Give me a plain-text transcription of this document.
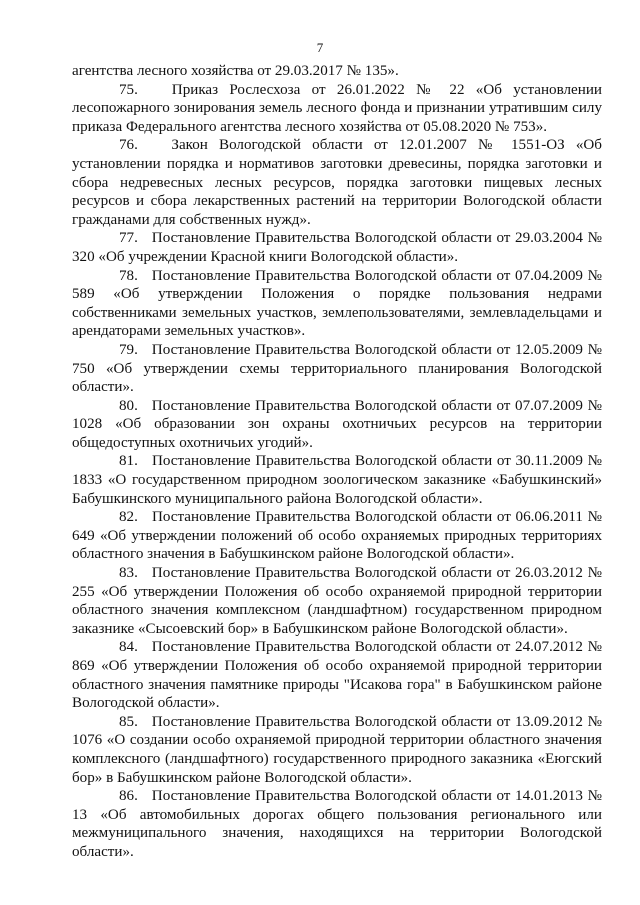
7

агентства лесного хозяйства от 29.03.2017 № 135».

75.   Приказ Рослесхоза от 26.01.2022 № 22 «Об установлении лесопожарного зонирования земель лесного фонда и признании утратившим силу приказа Федерального агентства лесного хозяйства от 05.08.2020 № 753».

76.   Закон Вологодской области от 12.01.2007 № 1551-ОЗ «Об установлении порядка и нормативов заготовки древесины, порядка заготовки и сбора недревесных лесных ресурсов, порядка заготовки пищевых лесных ресурсов и сбора лекарственных растений на территории Вологодской области гражданами для собственных нужд».

77.   Постановление Правительства Вологодской области от 29.03.2004 № 320 «Об учреждении Красной книги Вологодской области».

78.   Постановление Правительства Вологодской области от 07.04.2009 № 589 «Об утверждении Положения о порядке пользования недрами собственниками земельных участков, землепользователями, землевладельцами и арендаторами земельных участков».

79.   Постановление Правительства Вологодской области от 12.05.2009 № 750 «Об утверждении схемы территориального планирования Вологодской области».

80.   Постановление Правительства Вологодской области от 07.07.2009 № 1028 «Об образовании зон охраны охотничьих ресурсов на территории общедоступных охотничьих угодий».

81.   Постановление Правительства Вологодской области от 30.11.2009 № 1833 «О государственном природном зоологическом заказнике «Бабушкинский» Бабушкинского муниципального района Вологодской области».

82.   Постановление Правительства Вологодской области от 06.06.2011 № 649 «Об утверждении положений об особо охраняемых природных территориях областного значения в Бабушкинском районе Вологодской области».

83.   Постановление Правительства Вологодской области от 26.03.2012 № 255 «Об утверждении Положения об особо охраняемой природной территории областного значения комплексном (ландшафтном) государственном природном заказнике «Сысоевский бор» в Бабушкинском районе Вологодской области».

84.   Постановление Правительства Вологодской области от 24.07.2012 № 869 «Об утверждении Положения об особо охраняемой природной территории областного значения памятнике природы "Исакова гора" в Бабушкинском районе Вологодской области».

85.   Постановление Правительства Вологодской области от 13.09.2012 № 1076 «О создании особо охраняемой природной территории областного значения комплексного (ландшафтного) государственного природного заказника «Еюгский бор» в Бабушкинском районе Вологодской области».

86.   Постановление Правительства Вологодской области от 14.01.2013 № 13 «Об автомобильных дорогах общего пользования регионального или межмуниципального значения, находящихся на территории Вологодской области».
